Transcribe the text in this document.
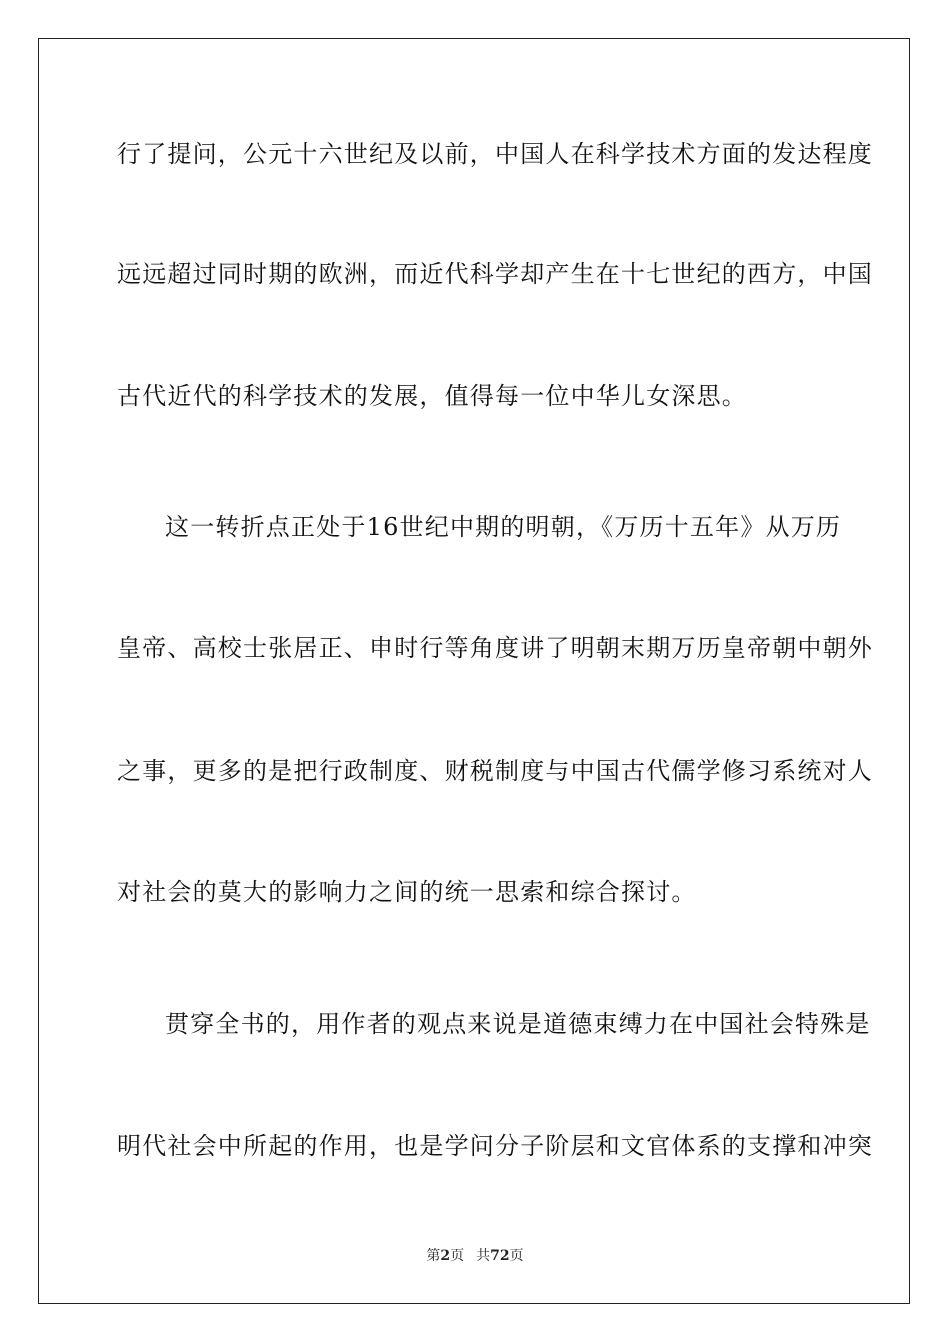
行了提问，公元十六世纪及以前，中国人在科学技术方面的发达程度
远远超过同时期的欧洲，而近代科学却产生在十七世纪的西方，中国
古代近代的科学技术的发展，值得每一位中华儿女深思。
这一转折点正处于16世纪中期的明朝，《万历十五年》从万历
皇帝、高校士张居正、申时行等角度讲了明朝末期万历皇帝朝中朝外
之事，更多的是把行政制度、财税制度与中国古代儒学修习系统对人
对社会的莫大的影响力之间的统一思索和综合探讨。
贯穿全书的，用作者的观点来说是道德束缚力在中国社会特殊是
明代社会中所起的作用，也是学问分子阶层和文官体系的支撑和冲突
第2页 共72页
